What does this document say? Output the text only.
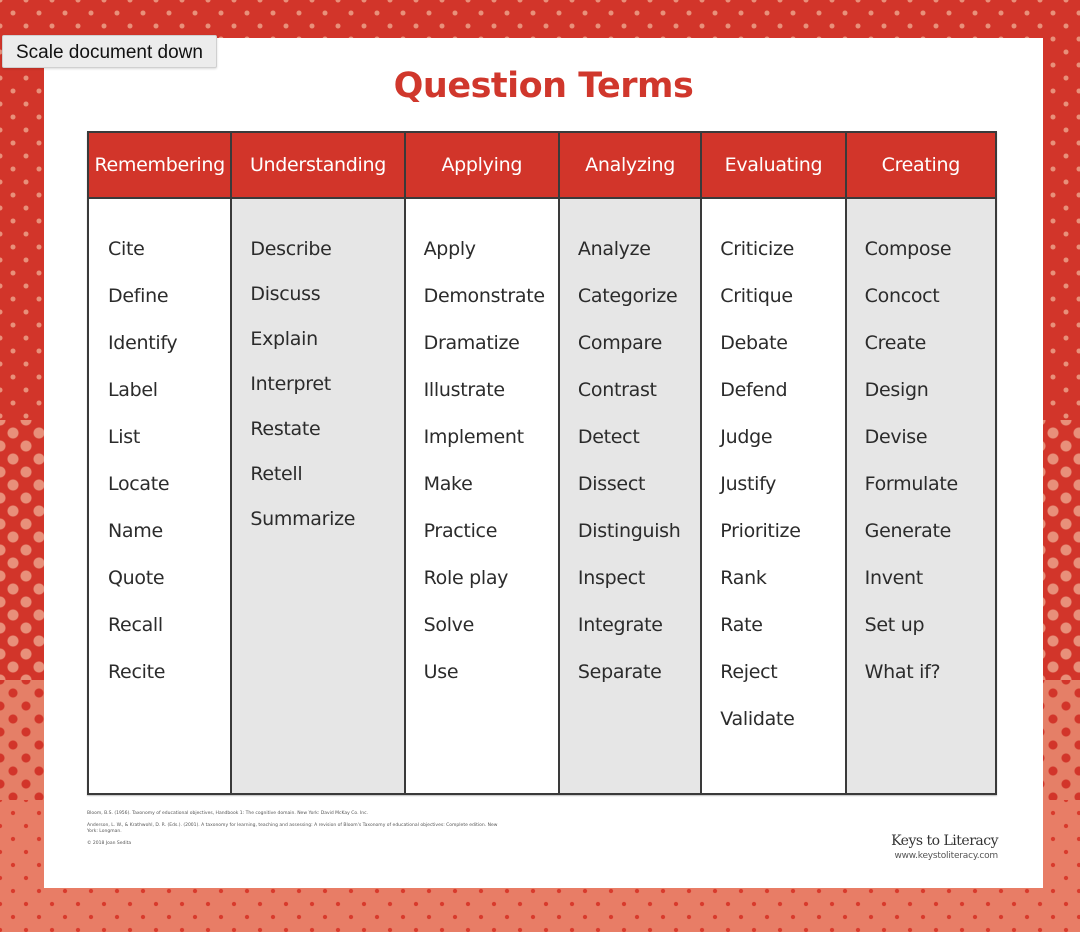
Scale document down
Question Terms
Remembering
Cite
Define
Identify
Label
List
Locate
Name
Quote
Recall
Recite
Understanding
Describe
Discuss
Explain
Interpret
Restate
Retell
Summarize
Applying
Apply
Demonstrate
Dramatize
Illustrate
Implement
Make
Practice
Role play
Solve
Use
Analyzing
Analyze
Categorize
Compare
Contrast
Detect
Dissect
Distinguish
Inspect
Integrate
Separate
Evaluating
Criticize
Critique
Debate
Defend
Judge
Justify
Prioritize
Rank
Rate
Reject
Validate
Creating
Compose
Concoct
Create
Design
Devise
Formulate
Generate
Invent
Set up
What if?

Bloom, B.S. (1956). Taxonomy of educational objectives, Handbook 1: The cognitive domain. New York: David McKay Co. Inc.

Anderson, L. W., & Krathwohl, D. R. (Eds.). (2001). A taxonomy for learning, teaching and assessing: A revision of Bloom's Taxonomy of educational objectives: Complete edition. New York: Longman.

© 2018 Joan Sedita	Keys to Literacy
www.keystoliteracy.com
